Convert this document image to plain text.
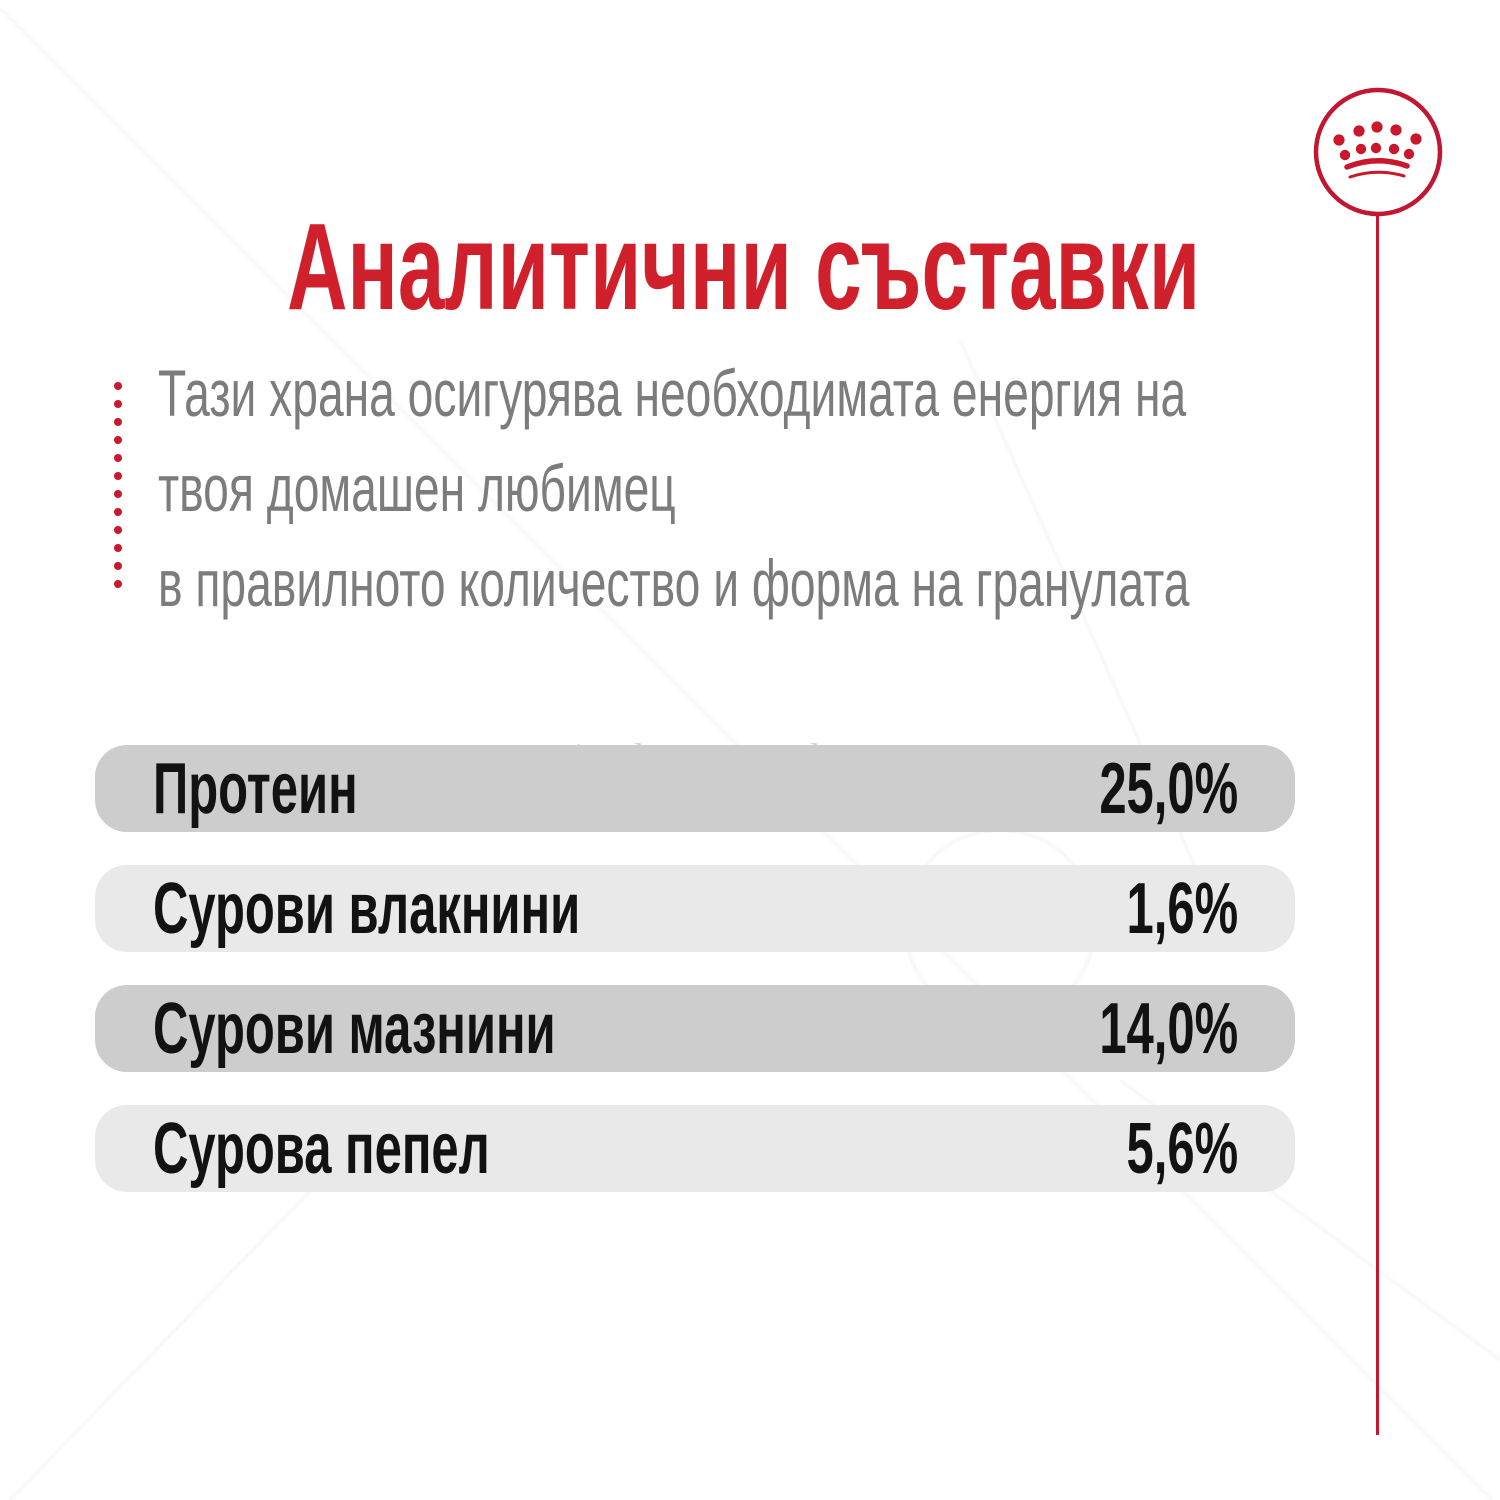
Аналитични съставки
Тази храна осигурява необходимата енергия на
твоя домашен любимец
в правилното количество и форма на гранулата
Протеин	25,0%
Сурови влакнини	1,6%
Сурови мазнини	14,0%
Сурова пепел	5,6%
ariakennel.com
